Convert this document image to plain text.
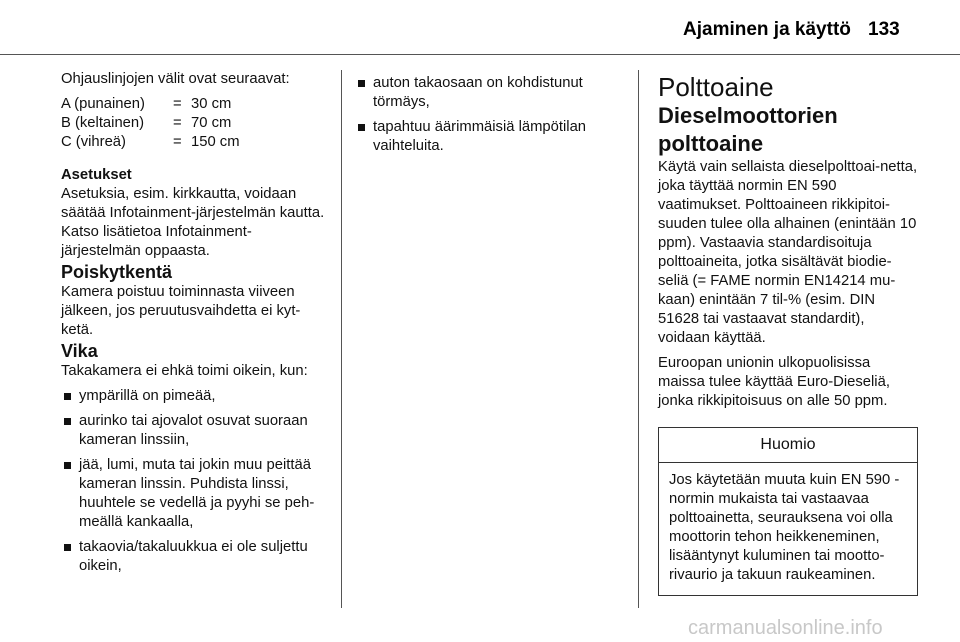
Ajaminen ja käyttö 133

Ohjauslinjojen välit ovat seuraavat:

A (punainen)	= 30 cm
B (keltainen)	= 70 cm
C (vihreä)	= 150 cm

Asetukset

Asetuksia, esim. kirkkautta, voidaan säätää Infotainment-järjestelmän kautta. Katso lisätietoa Infotainment-järjestelmän oppaasta.

Poiskytkentä

Kamera poistuu toiminnasta viiveen jälkeen, jos peruutusvaihdetta ei kyt-ketä.

Vika

Takakamera ei ehkä toimi oikein, kun:

ympärillä on pimeää,
aurinko tai ajovalot osuvat suoraan kameran linssiin,
jää, lumi, muta tai jokin muu peittää kameran linssin. Puhdista linssi, huuhtele se vedellä ja pyyhi se peh-meällä kankaalla,
takaovia/takaluukkua ei ole suljettu oikein,
auton takaosaan on kohdistunut törmäys,
tapahtuu äärimmäisiä lämpötilan vaihteluita.

Polttoaine

Dieselmoottorien polttoaine

Käytä vain sellaista dieselpolttoai-netta, joka täyttää normin EN 590 vaatimukset. Polttoaineen rikkipitoi-suuden tulee olla alhainen (enintään 10 ppm). Vastaavia standardisoituja polttoaineita, jotka sisältävät biodie-seliä (= FAME normin EN14214 mu-kaan) enintään 7 til-% (esim. DIN 51628 tai vastaavat standardit), voidaan käyttää.

Euroopan unionin ulkopuolisissa maissa tulee käyttää Euro-Dieseliä, jonka rikkipitoisuus on alle 50 ppm.

Huomio
Jos käytetään muuta kuin EN 590 -normin mukaista tai vastaavaa polttoainetta, seurauksena voi olla moottorin tehon heikkeneminen, lisääntynyt kuluminen tai mootto-rivaurio ja takuun raukeaminen.
carmanualsonline.info
